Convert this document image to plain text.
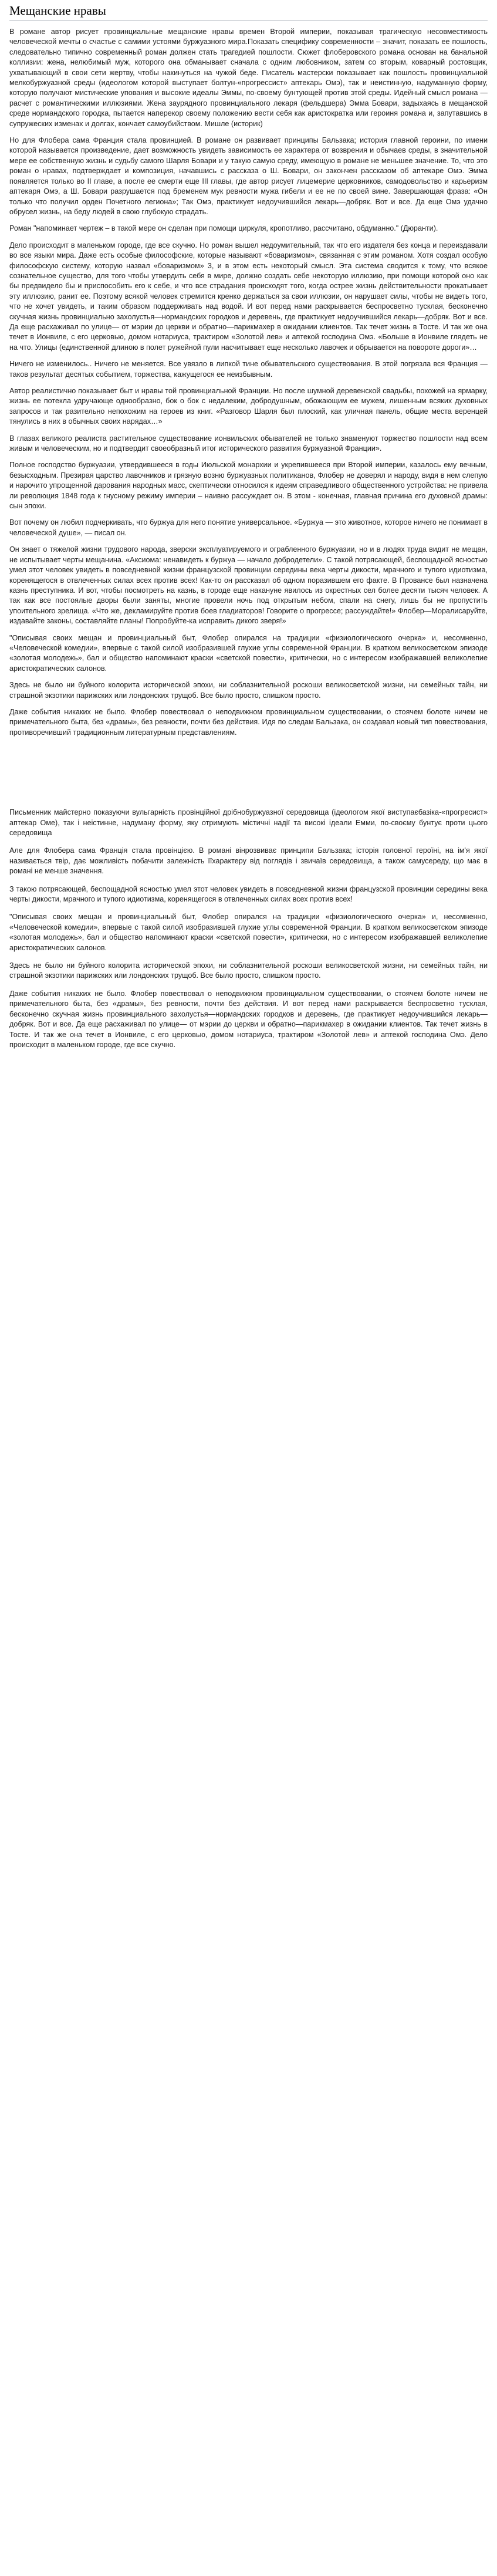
Мещанские нравы

В романе автор рисует провинциальные мещанские нравы времен Второй империи, показывая трагическую несовместимость человеческой мечты о счастье с самими устоями буржуазного мира.Показать специфику современности – значит, показать ее пошлость, следовательно типично современный роман должен стать трагедией пошлости. Сюжет флоберовского романа основан на банальной коллизии: жена, нелюбимый муж, которого она обманывает сначала с одним любовником, затем со вторым, коварный ростовщик, ухватывающий в свои сети жертву, чтобы накинуться на чужой беде. Писатель мастерски показывает как пошлость провинциальной мелкобуржуазной среды (идеологом которой выступает болтун-«прогрессист» аптекарь Омэ), так и неистинную, надуманную форму, которую получают мистические упования и высокие идеалы Эммы, по-своему бунтующей против этой среды. Идейный смысл романа — расчет с романтическими иллюзиями. Жена заурядного провинциального лекаря (фельдшера) Эмма Бовари, задыхаясь в мещанской среде нормандского городка, пытается наперекор своему положению вести себя как аристократка или героиня романа и, запутавшись в супружеских изменах и долгах, кончает самоубийством. Мишле (историк)

Но для Флобера сама Франция стала провинцией. В романе он развивает принципы Бальзака; история главной героини, по имени которой называется произведение, дает возможность увидеть зависимость ее характера от возврения и обычаев среды, в значительной мере ее собственную жизнь и судьбу самого Шарля Бовари и у такую самую среду, имеющую в романе не меньшее значение. То, что это роман о нравах, подтверждает и композиция, начавшись с рассказа о Ш. Бовари, он закончен рассказом об аптекаре Омэ. Эмма появляется только во II главе, а после ее смерти еще III главы, где автор рисует лицемерие церковников, самодовольство и карьеризм аптекаря Омэ, а Ш. Бовари разрушается под бременем мук ревности мужа гибели и ее не по своей вине. Завершающая фраза: «Он только что получил орден Почетного легиона»; Так Омэ, практикует недоучившийся лекарь—добряк. Вот и все. Да еще Омэ удачно обрусел жизнь, на беду людей в свою глубокую страдать.

Роман "напоминает чертеж – в такой мере он сделан при помощи циркуля, кропотливо, рассчитано, обдуманно." (Дюранти).

Дело происходит в маленьком городе, где все скучно. Но роман вышел недоумительный, так что его издателя без конца и переиздавали во все языки мира. Даже есть особые философские, которые называют «боваризмом», связанная с этим романом. Хотя создал особую философскую систему, которую назвал «боваризмом» 3, и в этом есть некоторый смысл. Эта система сводится к тому, что всякое сознательное существо, для того чтобы утвердить себя в мире, должно создать себе некоторую иллюзию, при помощи которой оно как бы предвидело бы и приспособить его к себе, и что все страдания происходят того, когда острее жизнь действительности прокатывает эту иллюзию, ранит ее. Поэтому всякой человек стремится кренко держаться за свои иллюзии, он нарушает силы, чтобы не видеть того, что не хочет увидеть, и таким образом поддерживать над водой. И вот перед нами раскрывается беспросветно тусклая, бесконечно скучная жизнь провинциально захолустья—нормандских городков и деревень, где практикует недоучившийся лекарь—добряк. Вот и все. Да еще расхаживал по улице— от мэрии до церкви и обратно—парикмахер в ожидании клиентов. Так течет жизнь в Тосте. И так же она течет в Ионвиле, с его церковью, домом нотариуса, трактиром «Золотой лев» и аптекой господина Омэ. «Больше в Ионвиле глядеть не на что. Улицы (единственной длиною в полет ружейной пули насчитывает еще несколько лавочек и обрывается на повороте дороги»…

Ничего не изменилось.. Ничего не меняется. Все увязло в липкой тине обывательского существования. В этой погрязла вся Франция — таков результат десятых событием, торжества, кажущегося ее неизбывным.

Автор реалистично показывает быт и нравы той провинциальной Франции. Но после шумной деревенской свадьбы, похожей на ярмарку, жизнь ее потекла удручающе однообразно, бок о бок с недалеким, добродушным, обожающим ее мужем, лишенным всяких духовных запросов и так разительно непохожим на героев из книг. «Разговор Шарля был плоский, как уличная панель, общие места веренцей тянулись в них в обычных своих нарядах…»

В глазах великого реалиста растительное существование ионвильских обывателей не только знаменуют торжество пошлости над всем живым и человеческим, но и подтвердит своеобразный итог исторического развития буржуазной Франции».

Полное господство буржуазии, утвердившееся в годы Июльской монархии и укрепившееся при Второй империи, казалось ему вечным, безысходным. Презирая царство лавочников и грязную возню буржуазных политиканов, Флобер не доверял и народу, видя в нем слепую и нарочито упрощенной дарования народных масс, скептически относился к идеям справедливого общественного устройства: не привела ли революция 1848 года к гнусному режиму империи – наивно рассуждает он. В этом - конечная, главная причина его духовной драмы: сын эпохи.

Вот почему он любил подчеркивать, что буржуа для него понятие универсальное. «Буржуа — это животное, которое ничего не понимает в человеческой душе», — писал он.

Он знает о тяжелой жизни трудового народа, зверски эксплуатируемого и ограбленного буржуазии, но и в людях труда видит не мещан, не испытывает черты мещанина. «Аксиома: ненавидеть к буржуа — начало добродетели». С такой потрясающей, беспощадной ясностью умел этот человек увидеть в повседневной жизни французской провинции середины века черты дикости, мрачного и тупого идиотизма, коренящегося в отвлеченных силах всех против всех! Как-то он рассказал об одном поразившем его факте. В Провансе был назначена казнь преступника. И вот, чтобы посмотреть на казнь, в городе еще накануне явилось из окрестных сел более десяти тысяч человек. А так как все постоялые дворы были заняты, многие провели ночь под открытым небом, спали на снегу, лишь бы не пропустить упоительного зрелища. «Что же, декламируйте против боев гладиаторов! Говорите о прогрессе; рассуждайте!» Флобер—Моралисаруйте, издавайте законы, составляйте планы! Попробуйте-ка исправить дикого зверя!»

"Описывая своих мещан и провинциальный быт, Флобер опирался на традиции «физиологического очерка» и, несомненно, «Человеческой комедии», впервые с такой силой изобразившей глухие углы современной Франции. В кратком великосветском эпизоде «золотая молодежь», бал и общество напоминают краски «светской повести», критически, но с интересом изображавшей великолепие аристократических салонов.

Здесь не было ни буйного колорита исторической эпохи, ни соблазнительной роскоши великосветской жизни, ни семейных тайн, ни страшной экзотики парижских или лондонских трущоб. Все было просто, слишком просто.

Даже события никаких не было. Флобер повествовал о неподвижном провинциальном существовании, о стоячем болоте ничем не примечательного быта, без «драмы», без ревности, почти без действия. Идя по следам Бальзака, он создавал новый тип повествования, противоречивший традиционным литературным представлениям.

Письменник майстерно показуючи вульгарність провінційної дрібнобуржуазної середовища (ідеологом якої виступаєбазіка-«прогресист» аптекар Омe), так і неістинне, надуману форму, яку отримують містичні надії та високі ідеали Емми, по-своєму бунтує проти цього середовища

Але для Флобера сама Франція стала провінцією. В романі вінрозвиває принципи Бальзака; історія головної героїні, на ім'я якої називається твір, дає можливість побачити залежність їїхарактеру від поглядів і звичаїв середовища, а також самусереду, що має в романі не менше значення.

З такою потрясающей, беспощадной ясностью умел этот человек увидеть в повседневной жизни французской провинции середины века черты дикости, мрачного и тупого идиотизма, коренящегося в отвлеченных силах всех против всех!

"Описывая своих мещан и провинциальный быт, Флобер опирался на традиции «физиологического очерка» и, несомненно, «Человеческой комедии», впервые с такой силой изобразившей глухие углы современной Франции. В кратком великосветском эпизоде «золотая молодежь», бал и общество напоминают краски «светской повести», критически, но с интересом изображавшей великолепие аристократических салонов.

Здесь не было ни буйного колорита исторической эпохи, ни соблазнительной роскоши великосветской жизни, ни семейных тайн, ни страшной экзотики парижских или лондонских трущоб. Все было просто, слишком просто.

Даже события никаких не было. Флобер повествовал о неподвижном провинциальном существовании, о стоячем болоте ничем не примечательного быта, без «драмы», без ревности, почти без действия. И вот перед нами раскрывается беспросветно тусклая, бесконечно скучная жизнь провинциального захолустья—нормандских городков и деревень, где практикует недоучившийся лекарь—добряк. Вот и все. Да еще расхаживал по улице— от мэрии до церкви и обратно—парикмахер в ожидании клиентов. Так течет жизнь в Тосте. И так же она течет в Ионвиле, с его церковью, домом нотариуса, трактиром «Золотой лев» и аптекой господина Омэ. Дело происходит в маленьком городе, где все скучно.
